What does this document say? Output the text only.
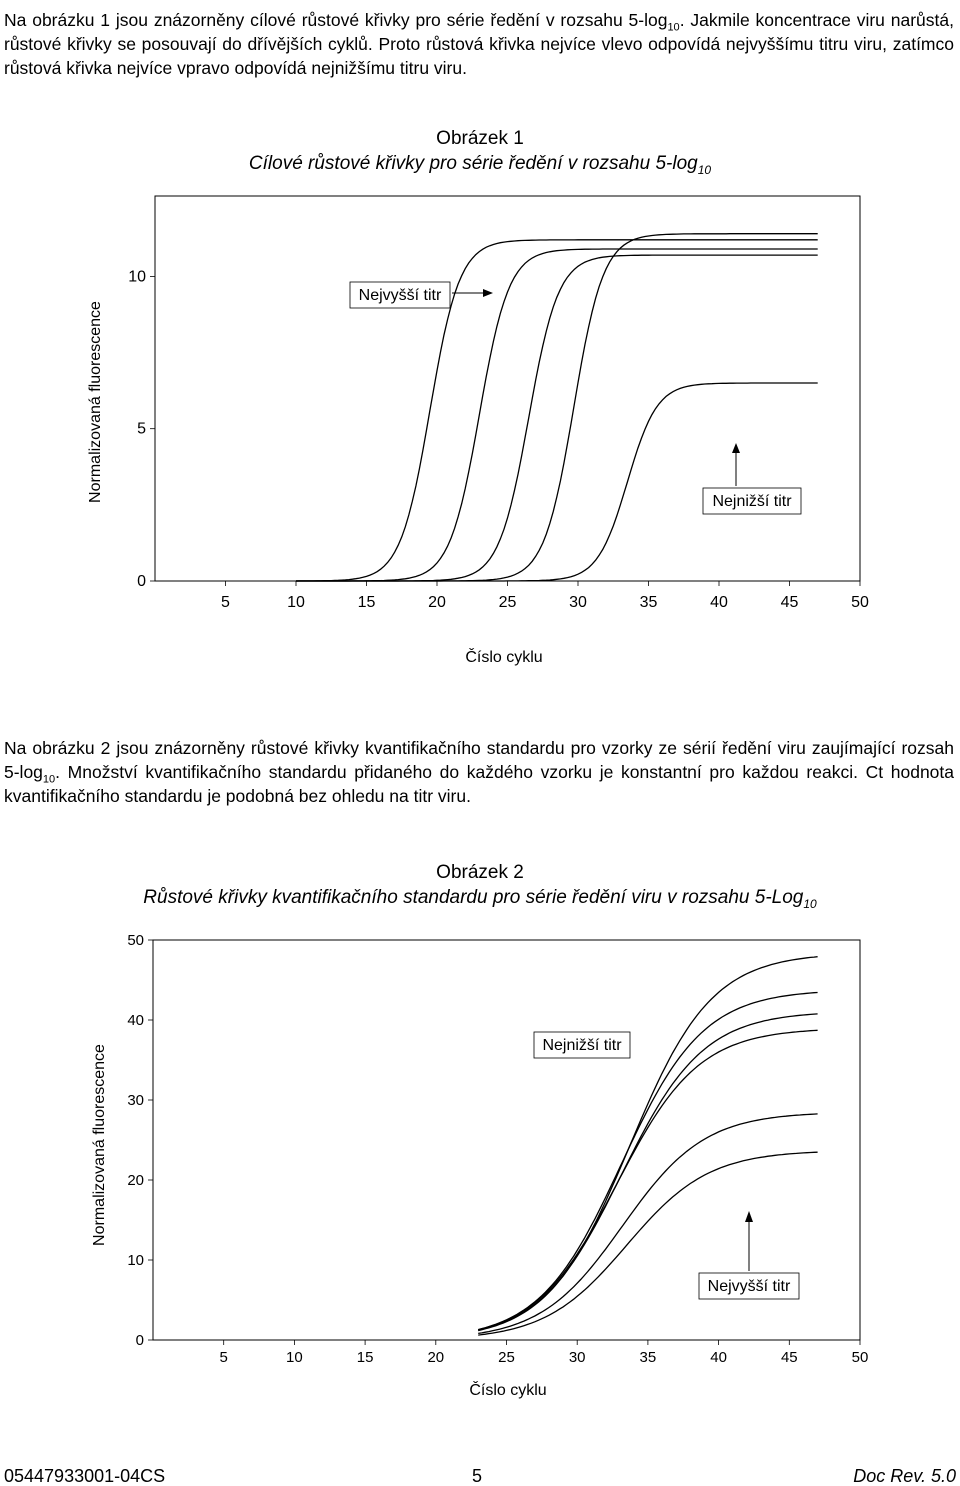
Na obrázku 1 jsou znázorněny cílové růstové křivky pro série ředění v rozsahu $5-\log_{10}$. Jakmile koncentrace viru narůstá, růstové křivky se posouvají do dřívějších cyklů. Proto růstová křivka nejvíce vlevo odpovídá nejvyššímu titru viru, zatímco růstová křivka nejvíce vpravo odpovídá nejnižšímu titru viru.
Obrázek 1
Cílové růstové křivky pro série ředění v rozsahu $5-\log_{10}$
5	10	15	20	25	30	35	40	45	50
0
5
10
Nejvyšší titr
Nejnižší titr
Normalizovaná fluorescence
Číslo cyklu
Na obrázku 2 jsou znázorněny růstové křivky kvantifikačního standardu pro vzorky ze sérií ředění viru zaujímající rozsah $5-\log_{10}$. Množství kvantifikačního standardu přidaného do každého vzorku je konstantní pro každou reakci. Ct hodnota kvantifikačního standardu je podobná bez ohledu na titr viru.
Obrázek 2
Růstové křivky kvantifikačního standardu pro série ředění viru v rozsahu 5-Log$_{10}$
5	10	15	20	25	30	35	40	45	50
0
10
20
30
40
50
Nejnižší titr
Nejvyšší titr
Normalizovaná fluorescence
Číslo cyklu
05447933001-04CS	5	Doc Rev. 5.0
